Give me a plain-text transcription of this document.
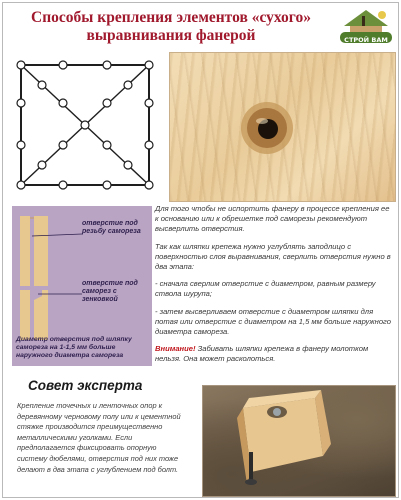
Способы крепления элементов «сухого» выравнивания фанерой	СТРОЙ ВАМ
отверстие под резьбу самореза
отверстие под саморез с зенковкой
Диаметр отверстия под шляпку самореза на 1-1,5 мм больше наружного диаметра самореза

Для того чтобы не испортить фанеру в процессе крепления ее к основанию или к обрешетке под саморезы рекомендуют высверлить отверстия.

Так как шляпки крепежа нужно углублять заподлицо с поверхностью слоя выравнивания, сверлить отверстия нужно в два этапа:

- сначала сверлим отверстие с диаметром, равным размеру ствола шурупа;

- затем высверливаем отверстие с диаметром шляпки для потая или отверстие с диаметром на 1,5 мм больше наружного диаметра самореза.

Внимание! Забивать шляпки крепежа в фанеру молотком нельзя. Она может расколоться.

Совет эксперта
Крепление точечных и ленточных опор к деревянному черновому полу или к цементной стяжке производится преимущественно металлическими уголками. Если предполагается фиксировать опорную систему дюбелями, отверстия под них тоже делают в два этапа с углублением под болт.
